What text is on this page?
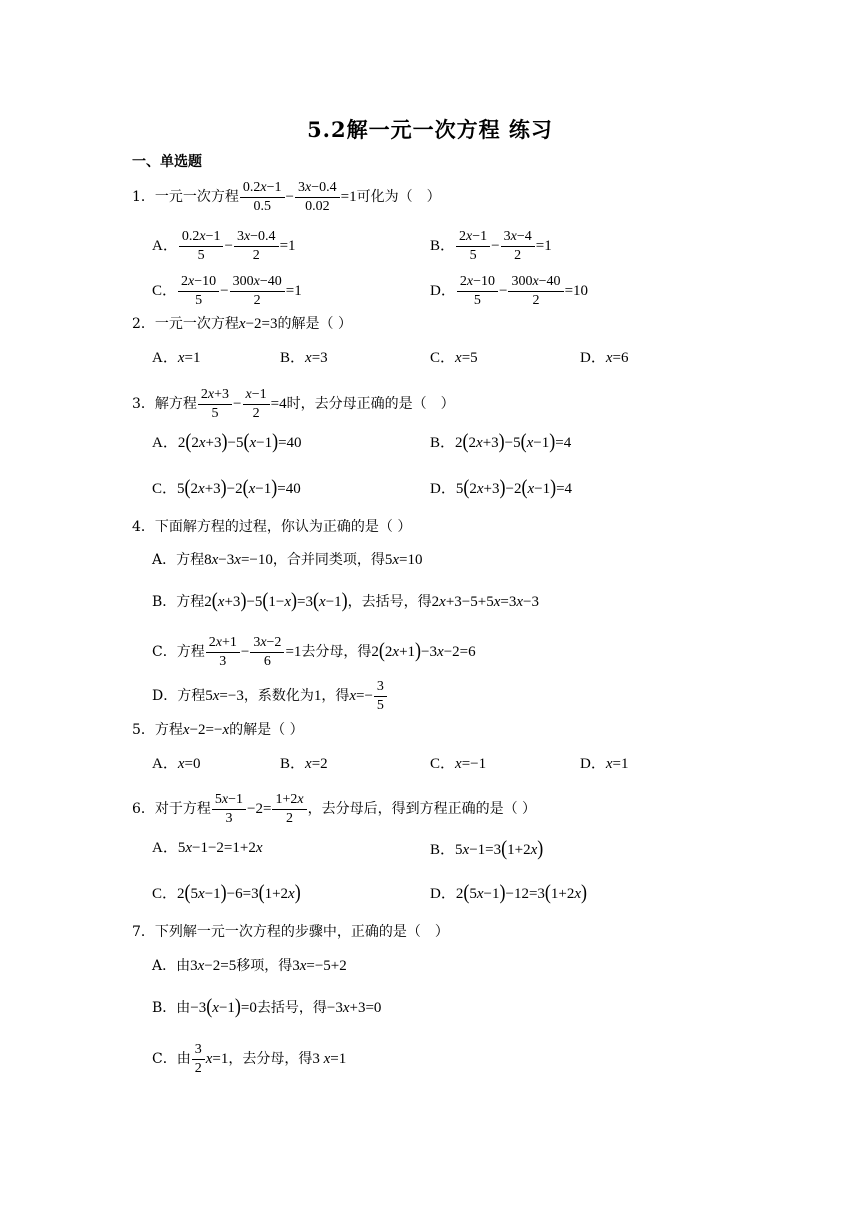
5.2解一元一次方程 练习
一、单选题
1．一元一次方程 $\frac{0.2x-1}{0.5} - \frac{3x-0.4}{0.02} =1$可化为（　）
A． $\frac{0.2x-1}{5} - \frac{3x-0.4}{2} =1$	B． $\frac{2x-1}{5} - \frac{3x-4}{2} =1$
C． $\frac{2x-10}{5} - \frac{300x-40}{2} =1$	D． $\frac{2x-10}{5} - \frac{300x-40}{2} =10$
2．一元一次方程x−2=3的解是（ ）
A．x=1	B．x=3	C．x=5	D．x=6
3．解方程 $\frac{2x+3}{5} - \frac{x-1}{2} =4$时，去分母正确的是（　）
A．2(2x+3)−5(x−1)=40	B．2(2x+3)−5(x−1)=4
C．5(2x+3)−2(x−1)=40	D．5(2x+3)−2(x−1)=4
4．下面解方程的过程，你认为正确的是（ ）
A．方程8x−3x=−10，合并同类项，得5x=10
B．方程2(x+3)−5(1−x)=3(x−1)，去括号，得2x+3−5+5x=3x−3
C．方程 $\frac{2x+1}{3} - \frac{3x-2}{6} =1$去分母，得2(2x+1)−3x−2=6
D．方程5x=−3，系数化为1，得$x=- \frac{3}{5}$
5．方程x−2=−x的解是（ ）
A．x=0	B．x=2	C．x=−1	D．x=1
6．对于方程 $\frac{5x-1}{3} -2= \frac{1+2x}{2}$ ，去分母后，得到方程正确的是（ ）
A．5x−1−2=1+2x	B．5x−1=3(1+2x)
C．2(5x−1)−6=3(1+2x)	D．2(5x−1)−12=3(1+2x)
7．下列解一元一次方程的步骤中，正确的是（　）
A．由3x−2=5移项，得3x=−5+2
B．由−3(x−1)=0去括号，得−3x+3=0
C．由 $\frac{3}{2} x=1$，去分母，得3 x=1
